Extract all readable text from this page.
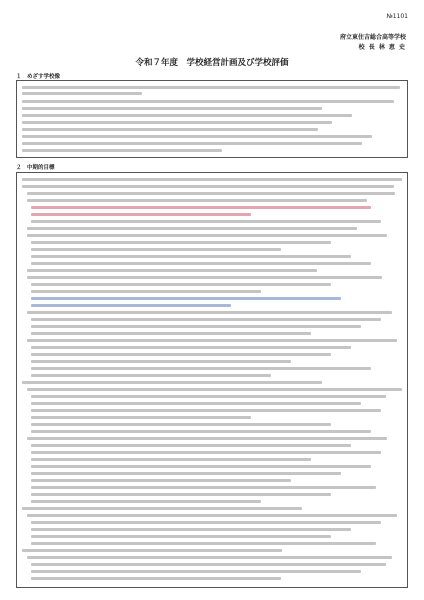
№1101
府立東住吉総合高等学校
校 長 林 恵 史
令和７年度　学校経営計画及び学校評価
１　めざす学校像
２　中期的目標
